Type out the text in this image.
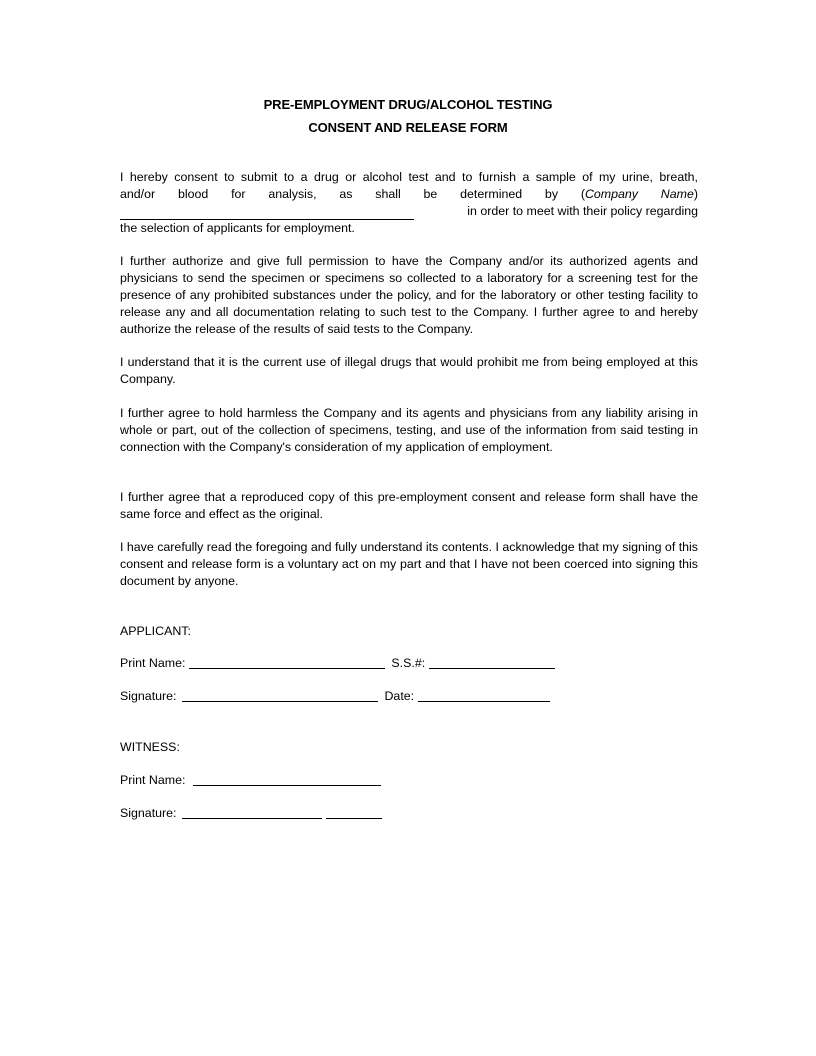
PRE-EMPLOYMENT DRUG/ALCOHOL TESTING
CONSENT AND RELEASE FORM

I hereby consent to submit to a drug or alcohol test and to furnish a sample of my urine, breath,

and/or blood for analysis, as shall be determined by (Company Name)

in order to meet with their policy regarding

the selection of applicants for employment.

I further authorize and give full permission to have the Company and/or its authorized agents and physicians to send the specimen or specimens so collected to a laboratory for a screening test for the presence of any prohibited substances under the policy, and for the laboratory or other testing facility to release any and all documentation relating to such test to the Company. I further agree to and hereby authorize the release of the results of said tests to the Company.

I understand that it is the current use of illegal drugs that would prohibit me from being employed at this Company.

I further agree to hold harmless the Company and its agents and physicians from any liability arising in whole or part, out of the collection of specimens, testing, and use of the information from said testing in connection with the Company's consideration of my application of employment.

I further agree that a reproduced copy of this pre-employment consent and release form shall have the same force and effect as the original.

I have carefully read the foregoing and fully understand its contents. I acknowledge that my signing of this consent and release form is a voluntary act on my part and that I have not been coerced into signing this document by anyone.

APPLICANT:
Print Name:	S.S.#:
Signature:	Date:
WITNESS:
Print Name:
Signature:
